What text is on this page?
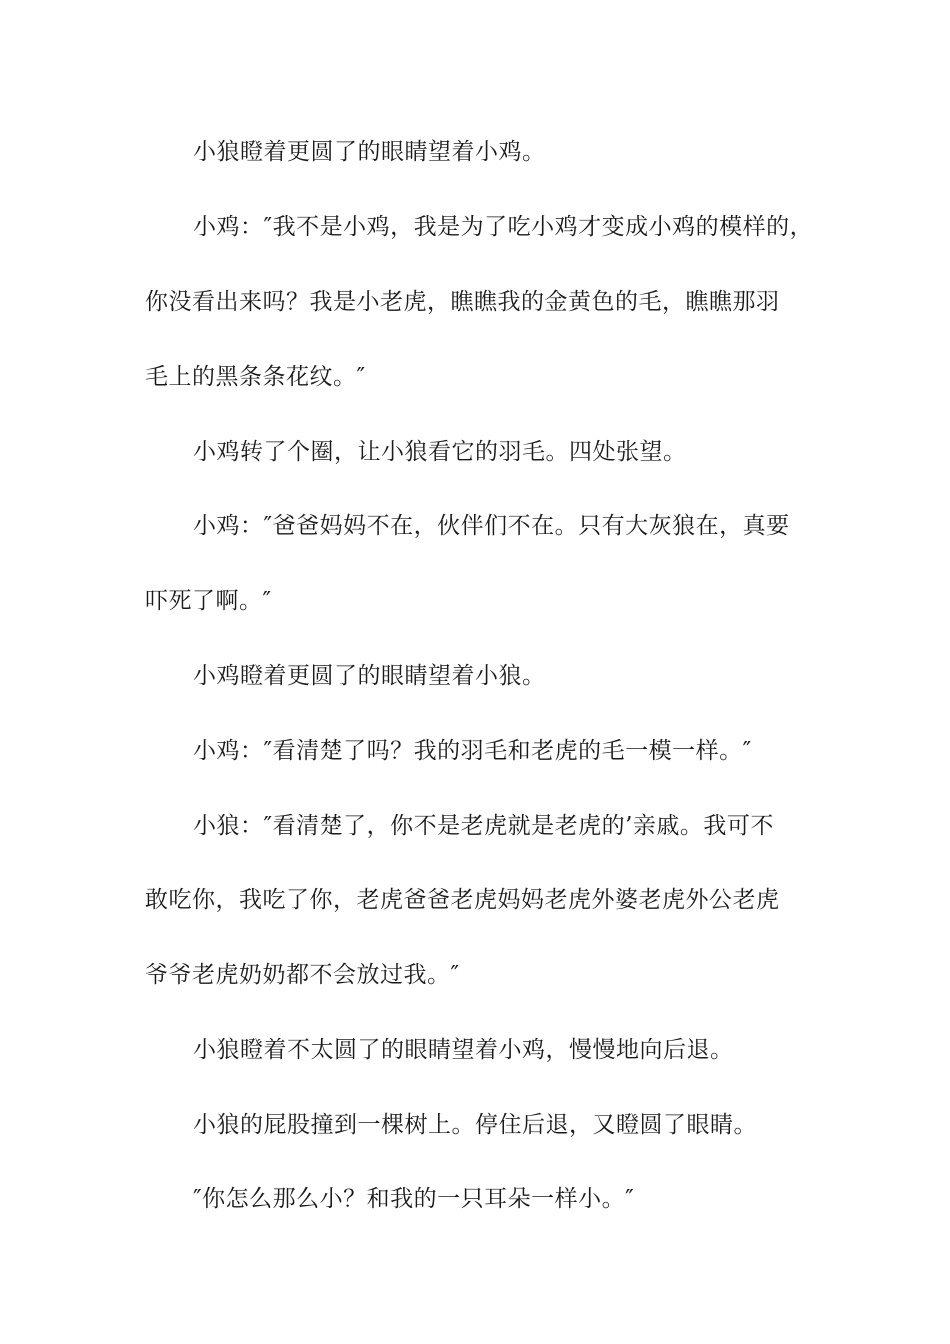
小狼瞪着更圆了的眼睛望着小鸡。
小鸡：″我不是小鸡，我是为了吃小鸡才变成小鸡的模样的，
你没看出来吗？我是小老虎，瞧瞧我的金黄色的毛，瞧瞧那羽
毛上的黑条条花纹。″
小鸡转了个圈，让小狼看它的羽毛。四处张望。
小鸡：″爸爸妈妈不在，伙伴们不在。只有大灰狼在，真要
吓死了啊。″
小鸡瞪着更圆了的眼睛望着小狼。
小鸡：″看清楚了吗？我的羽毛和老虎的毛一模一样。″
小狼：″看清楚了，你不是老虎就是老虎的’亲戚。我可不
敢吃你，我吃了你，老虎爸爸老虎妈妈老虎外婆老虎外公老虎
爷爷老虎奶奶都不会放过我。″
小狼瞪着不太圆了的眼睛望着小鸡，慢慢地向后退。
小狼的屁股撞到一棵树上。停住后退，又瞪圆了眼睛。
″你怎么那么小？和我的一只耳朵一样小。″
